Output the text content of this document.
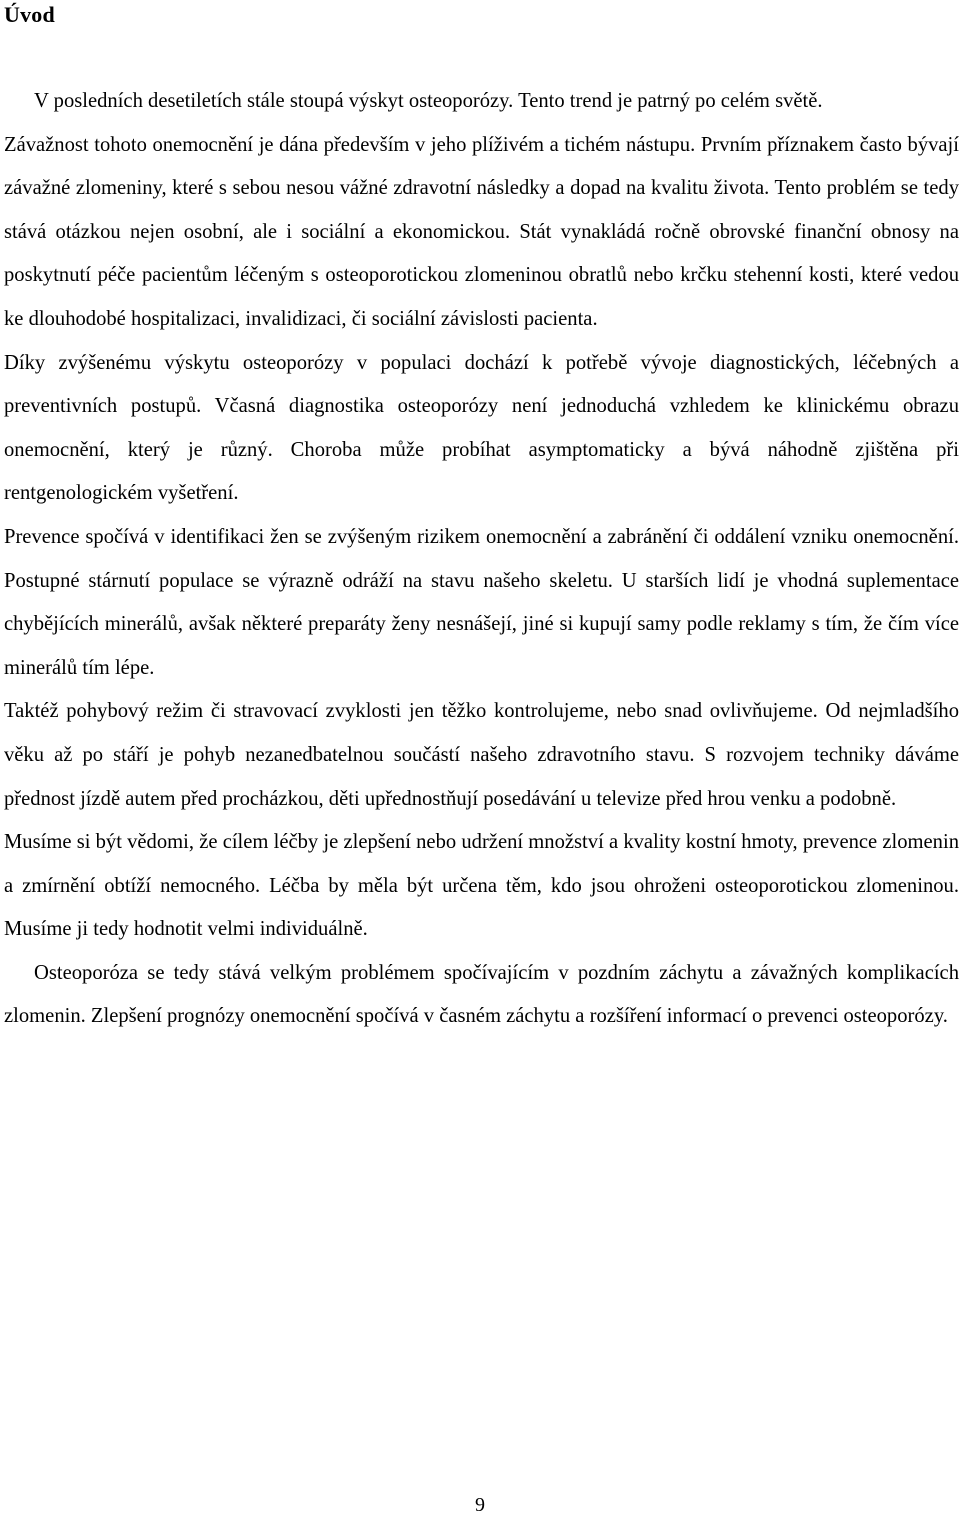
Úvod

V posledních desetiletích stále stoupá výskyt osteoporózy. Tento trend je patrný po celém světě.

Závažnost tohoto onemocnění je dána především v jeho plíživém a tichém nástupu. Prvním příznakem často bývají závažné zlomeniny, které s sebou nesou vážné zdravotní následky a dopad na kvalitu života. Tento problém se tedy stává otázkou nejen osobní, ale i sociální a ekonomickou. Stát vynakládá ročně obrovské finanční obnosy na poskytnutí péče pacientům léčeným s osteoporotickou zlomeninou obratlů nebo krčku stehenní kosti, které vedou ke dlouhodobé hospitalizaci, invalidizaci, či sociální závislosti pacienta.

Díky zvýšenému výskytu osteoporózy v populaci dochází k potřebě vývoje diagnostických, léčebných a preventivních postupů. Včasná diagnostika osteoporózy není jednoduchá vzhledem ke klinickému obrazu onemocnění, který je různý. Choroba může probíhat asymptomaticky a bývá náhodně zjištěna při rentgenologickém vyšetření.

Prevence spočívá v identifikaci žen se zvýšeným rizikem onemocnění a zabránění či oddálení vzniku onemocnění. Postupné stárnutí populace se výrazně odráží na stavu našeho skeletu. U starších lidí je vhodná suplementace chybějících minerálů, avšak některé preparáty ženy nesnášejí, jiné si kupují samy podle reklamy s tím, že čím více minerálů tím lépe.

Taktéž pohybový režim či stravovací zvyklosti jen těžko kontrolujeme, nebo snad ovlivňujeme. Od nejmladšího věku až po stáří je pohyb nezanedbatelnou součástí našeho zdravotního stavu. S rozvojem techniky dáváme přednost jízdě autem před procházkou, děti upřednostňují posedávání u televize před hrou venku a podobně.

Musíme si být vědomi, že cílem léčby je zlepšení nebo udržení množství a kvality kostní hmoty, prevence zlomenin a zmírnění obtíží nemocného. Léčba by měla být určena těm, kdo jsou ohroženi osteoporotickou zlomeninou. Musíme ji tedy hodnotit velmi individuálně.

Osteoporóza se tedy stává velkým problémem spočívajícím v pozdním záchytu a závažných komplikacích zlomenin. Zlepšení prognózy onemocnění spočívá v časném záchytu a rozšíření informací o prevenci osteoporózy.

9
